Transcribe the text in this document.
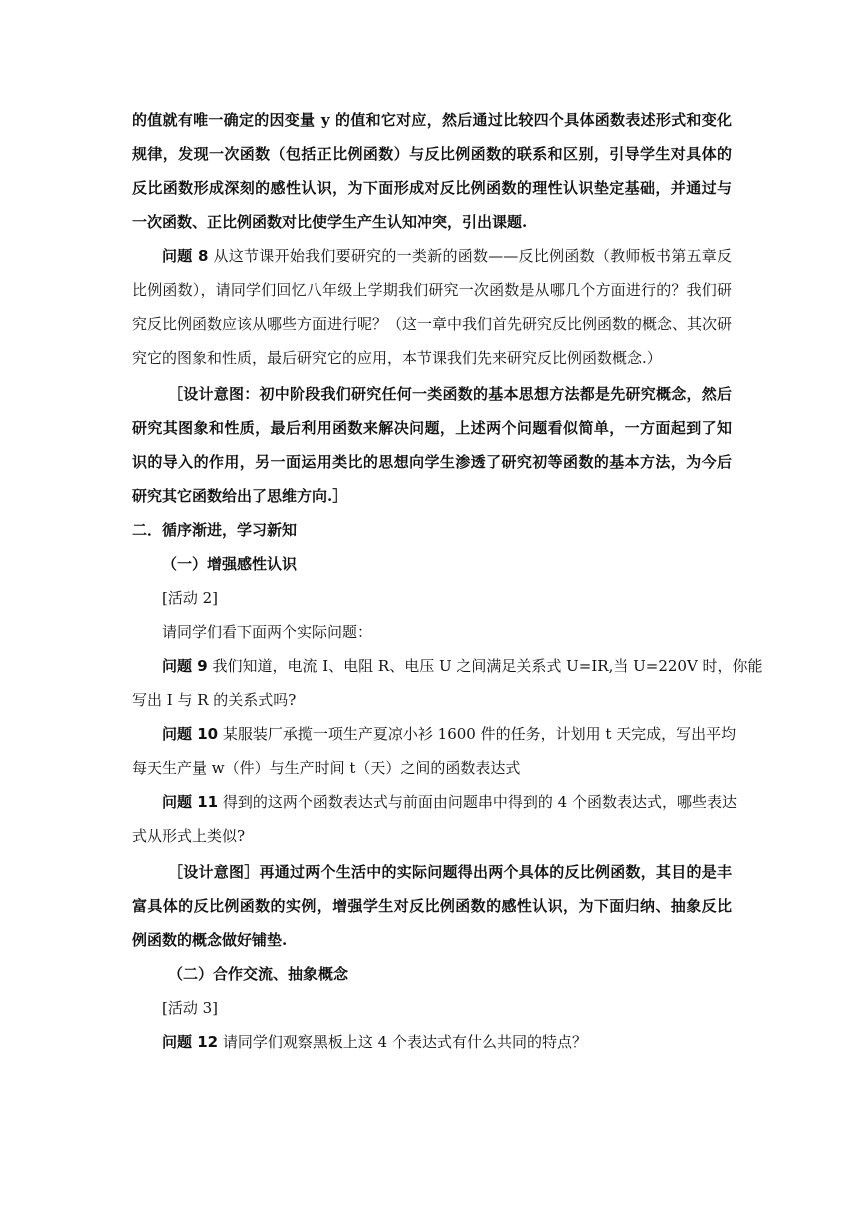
的值就有唯一确定的因变量 y 的值和它对应，然后通过比较四个具体函数表述形式和变化
规律，发现一次函数（包括正比例函数）与反比例函数的联系和区别，引导学生对具体的
反比函数形成深刻的感性认识，为下面形成对反比例函数的理性认识垫定基础，并通过与
一次函数、正比例函数对比使学生产生认知冲突，引出课题.
问题 8 从这节课开始我们要研究的一类新的函数——反比例函数（教师板书第五章反
比例函数），请同学们回忆八年级上学期我们研究一次函数是从哪几个方面进行的？我们研
究反比例函数应该从哪些方面进行呢？（这一章中我们首先研究反比例函数的概念、其次研
究它的图象和性质，最后研究它的应用，本节课我们先来研究反比例函数概念.）
［设计意图：初中阶段我们研究任何一类函数的基本思想方法都是先研究概念，然后
研究其图象和性质，最后利用函数来解决问题，上述两个问题看似简单，一方面起到了知
识的导入的作用，另一面运用类比的思想向学生渗透了研究初等函数的基本方法，为今后
研究其它函数给出了思维方向.］
二．循序渐进，学习新知
（一）增强感性认识
[活动 2]
请同学们看下面两个实际问题：
问题 9 我们知道，电流 I、电阻 R、电压 U 之间满足关系式 U=IR,当 U=220V 时，你能
写出 I 与 R 的关系式吗?
问题 10 某服装厂承揽一项生产夏凉小衫 1600 件的任务，计划用 t 天完成，写出平均
每天生产量 w（件）与生产时间 t（天）之间的函数表达式
问题 11 得到的这两个函数表达式与前面由问题串中得到的 4 个函数表达式，哪些表达
式从形式上类似?
［设计意图］再通过两个生活中的实际问题得出两个具体的反比例函数，其目的是丰
富具体的反比例函数的实例，增强学生对反比例函数的感性认识，为下面归纳、抽象反比
例函数的概念做好铺垫.
（二）合作交流、抽象概念
[活动 3]
问题 12 请同学们观察黑板上这 4 个表达式有什么共同的特点？
